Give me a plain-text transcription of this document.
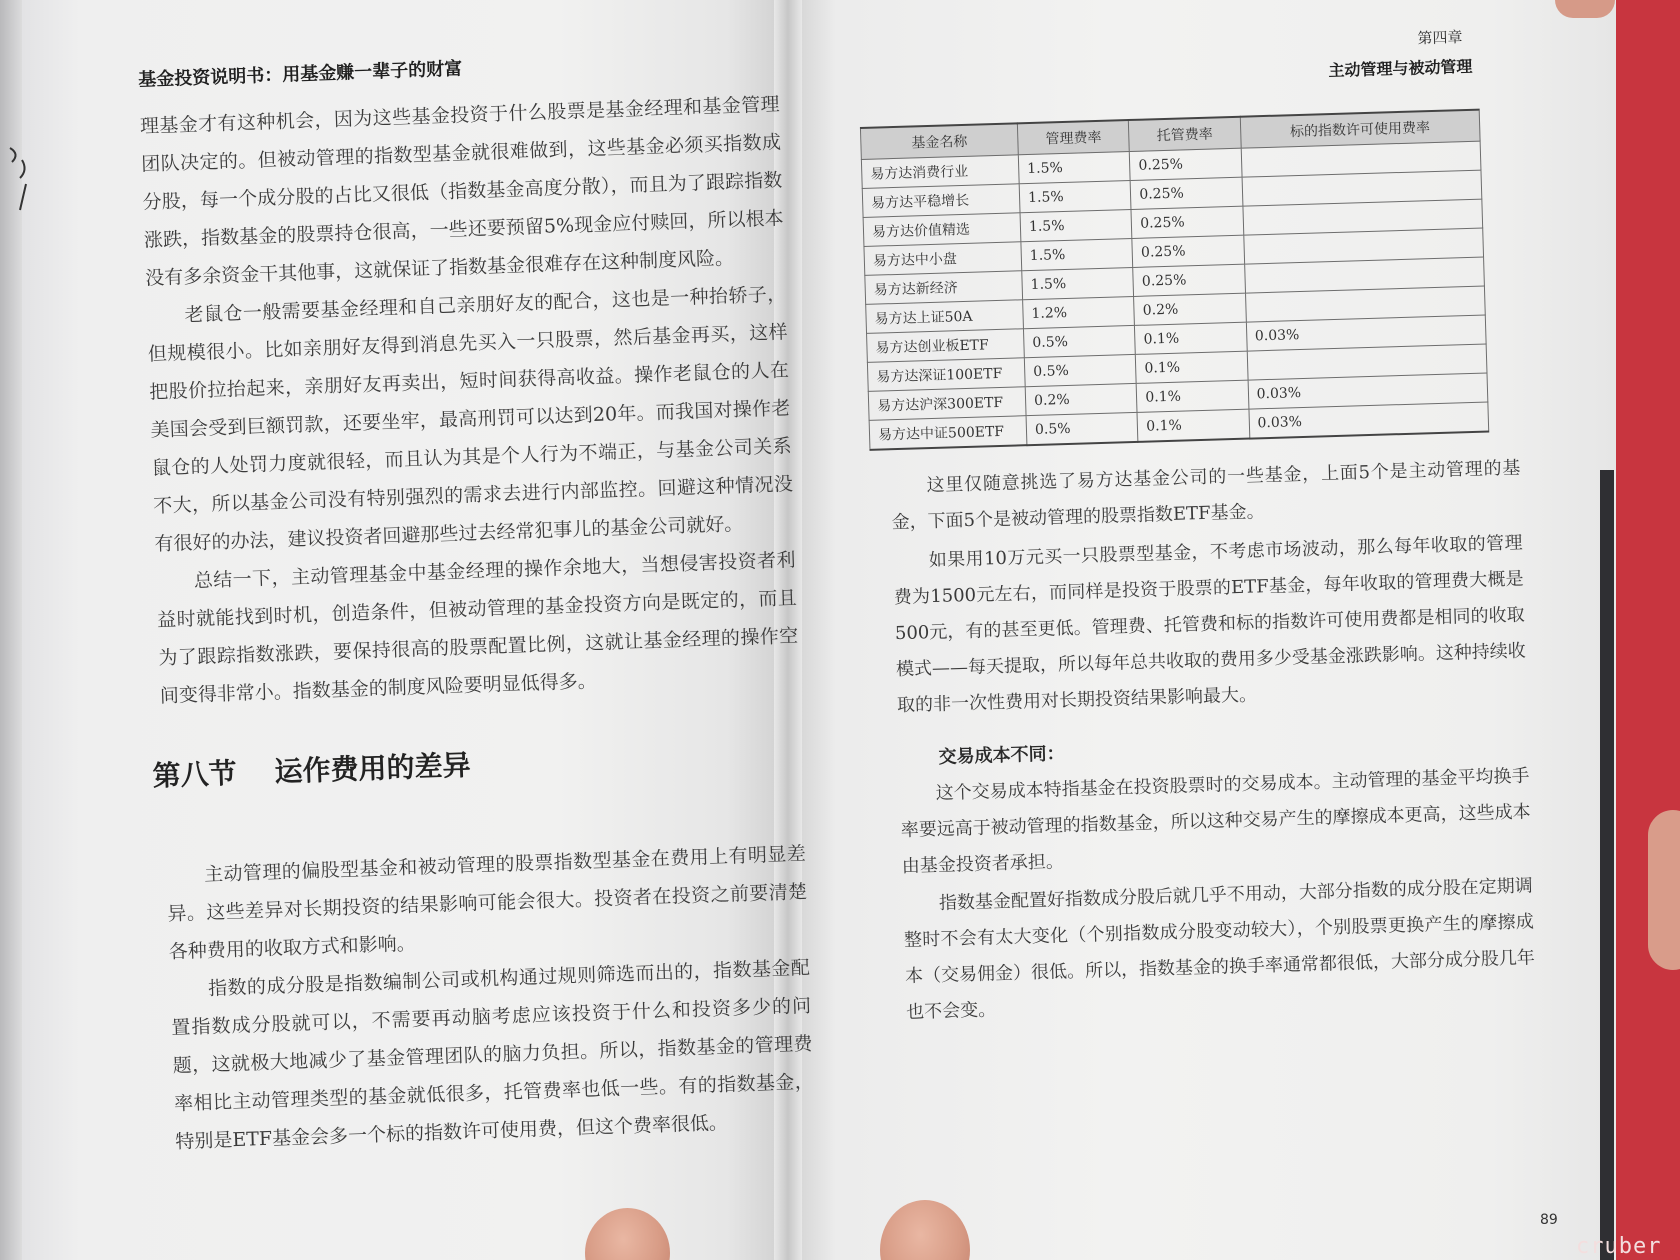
基金投资说明书：用基金赚一辈子的财富

理基金才有这种机会，因为这些基金投资于什么股票是基金经理和基金管理团队决定的。但被动管理的指数型基金就很难做到，这些基金必须买指数成分股，每一个成分股的占比又很低（指数基金高度分散），而且为了跟踪指数涨跌，指数基金的股票持仓很高，一些还要预留5%现金应付赎回，所以根本没有多余资金干其他事，这就保证了指数基金很难存在这种制度风险。

老鼠仓一般需要基金经理和自己亲朋好友的配合，这也是一种抬轿子，但规模很小。比如亲朋好友得到消息先买入一只股票，然后基金再买，这样把股价拉抬起来，亲朋好友再卖出，短时间获得高收益。操作老鼠仓的人在美国会受到巨额罚款，还要坐牢，最高刑罚可以达到20年。而我国对操作老鼠仓的人处罚力度就很轻，而且认为其是个人行为不端正，与基金公司关系不大，所以基金公司没有特别强烈的需求去进行内部监控。回避这种情况没有很好的办法，建议投资者回避那些过去经常犯事儿的基金公司就好。

总结一下，主动管理基金中基金经理的操作余地大，当想侵害投资者利益时就能找到时机，创造条件，但被动管理的基金投资方向是既定的，而且为了跟踪指数涨跌，要保持很高的股票配置比例，这就让基金经理的操作空间变得非常小。指数基金的制度风险要明显低得多。

第八节 运作费用的差异

主动管理的偏股型基金和被动管理的股票指数型基金在费用上有明显差异。这些差异对长期投资的结果影响可能会很大。投资者在投资之前要清楚各种费用的收取方式和影响。

指数的成分股是指数编制公司或机构通过规则筛选而出的，指数基金配置指数成分股就可以，不需要再动脑考虑应该投资于什么和投资多少的问题，这就极大地减少了基金管理团队的脑力负担。所以，指数基金的管理费率相比主动管理类型的基金就低很多，托管费率也低一些。有的指数基金，特别是ETF基金会多一个标的指数许可使用费，但这个费率很低。

第四章
主动管理与被动管理
基金名称	管理费率	托管费率	标的指数许可使用费率
易方达消费行业	1.5%	0.25%	
易方达平稳增长	1.5%	0.25%	
易方达价值精选	1.5%	0.25%	
易方达中小盘	1.5%	0.25%	
易方达新经济	1.5%	0.25%	
易方达上证50A	1.2%	0.2%	
易方达创业板ETF	0.5%	0.1%	0.03%
易方达深证100ETF	0.5%	0.1%	
易方达沪深300ETF	0.2%	0.1%	0.03%
易方达中证500ETF	0.5%	0.1%	0.03%

这里仅随意挑选了易方达基金公司的一些基金，上面5个是主动管理的基金，下面5个是被动管理的股票指数ETF基金。

如果用10万元买一只股票型基金，不考虑市场波动，那么每年收取的管理费为1500元左右，而同样是投资于股票的ETF基金，每年收取的管理费大概是500元，有的甚至更低。管理费、托管费和标的指数许可使用费都是相同的收取模式——每天提取，所以每年总共收取的费用多少受基金涨跌影响。这种持续收取的非一次性费用对长期投资结果影响最大。

交易成本不同：

这个交易成本特指基金在投资股票时的交易成本。主动管理的基金平均换手率要远高于被动管理的指数基金，所以这种交易产生的摩擦成本更高，这些成本由基金投资者承担。

指数基金配置好指数成分股后就几乎不用动，大部分指数的成分股在定期调整时不会有太大变化（个别指数成分股变动较大），个别股票更换产生的摩擦成本（交易佣金）很低。所以，指数基金的换手率通常都很低，大部分成分股几年也不会变。

89
cruber
